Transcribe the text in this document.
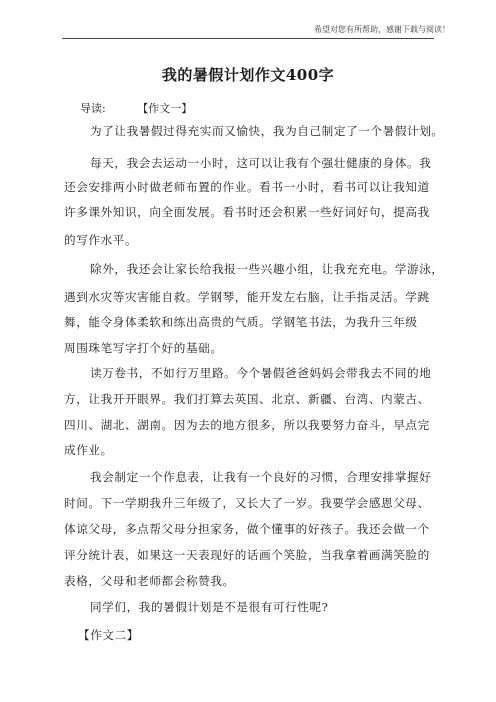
希望对您有所帮助，感谢下载与阅读！
我的暑假计划作文400字
导读:	【作文一】
为了让我暑假过得充实而又愉快，我为自己制定了一个暑假计划。
每天，我会去运动一小时，这可以让我有个强壮健康的身体。我
还会安排两小时做老师布置的作业。看书一小时，看书可以让我知道
许多课外知识，向全面发展。看书时还会积累一些好词好句，提高我
的写作水平。
除外，我还会让家长给我报一些兴趣小组，让我充充电。学游泳，
遇到水灾等灾害能自救。学钢琴，能开发左右脑，让手指灵活。学跳
舞，能令身体柔软和练出高贵的气质。学钢笔书法，为我升三年级
周围珠笔写字打个好的基础。
读万卷书，不如行万里路。今个暑假爸爸妈妈会带我去不同的地
方，让我开开眼界。我们打算去英国、北京、新疆、台湾、内蒙古、
四川、湖北、湖南。因为去的地方很多，所以我要努力奋斗，早点完
成作业。
我会制定一个作息表，让我有一个良好的习惯，合理安排掌握好
时间。下一学期我升三年级了，又长大了一岁。我要学会感恩父母、
体谅父母，多点帮父母分担家务，做个懂事的好孩子。我还会做一个
评分统计表，如果这一天表现好的话画个笑脸，当我拿着画满笑脸的
表格，父母和老师都会称赞我。
同学们，我的暑假计划是不是很有可行性呢?
【作文二】
